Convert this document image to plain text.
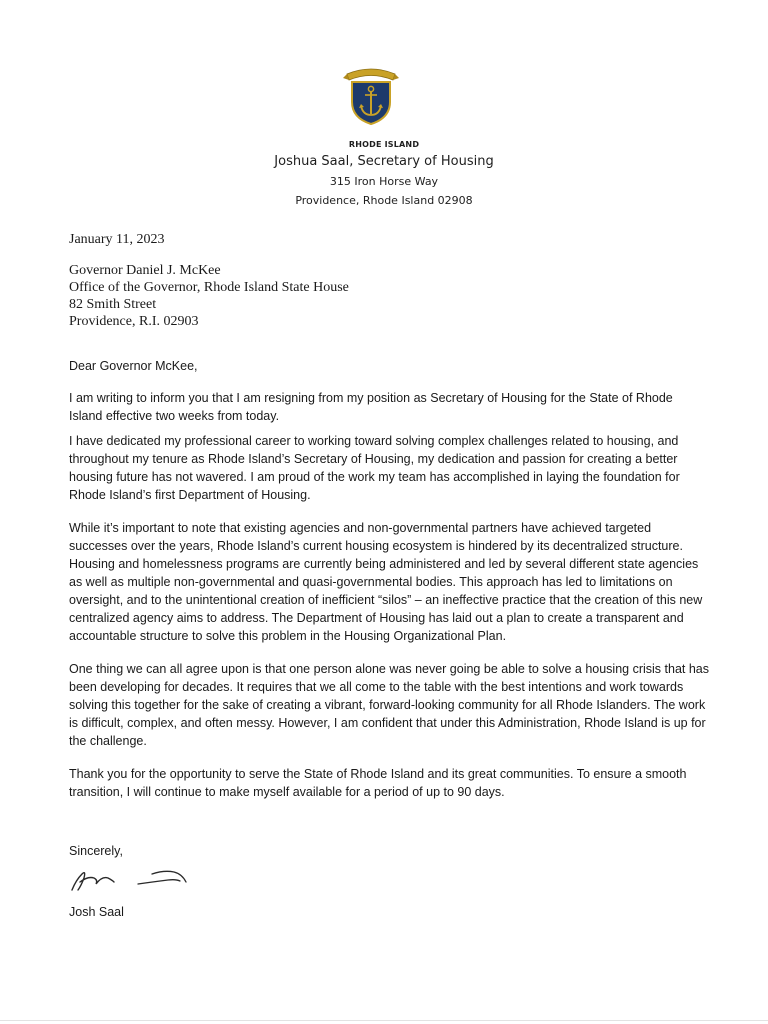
RHODE ISLAND
Joshua Saal, Secretary of Housing
315 Iron Horse Way
Providence, Rhode Island 02908
January 11, 2023
Governor Daniel J. McKee
Office of the Governor, Rhode Island State House
82 Smith Street
Providence, R.I. 02903
Dear Governor McKee,

I am writing to inform you that I am resigning from my position as Secretary of Housing for the State of Rhode Island effective two weeks from today.

I have dedicated my professional career to working toward solving complex challenges related to housing, and throughout my tenure as Rhode Island’s Secretary of Housing, my dedication and passion for creating a better housing future has not wavered. I am proud of the work my team has accomplished in laying the foundation for Rhode Island’s first Department of Housing.

While it’s important to note that existing agencies and non-governmental partners have achieved targeted successes over the years, Rhode Island’s current housing ecosystem is hindered by its decentralized structure. Housing and homelessness programs are currently being administered and led by several different state agencies as well as multiple non-governmental and quasi-governmental bodies. This approach has led to limitations on oversight, and to the unintentional creation of inefficient “silos” – an ineffective practice that the creation of this new centralized agency aims to address. The Department of Housing has laid out a plan to create a transparent and accountable structure to solve this problem in the Housing Organizational Plan.

One thing we can all agree upon is that one person alone was never going be able to solve a housing crisis that has been developing for decades. It requires that we all come to the table with the best intentions and work towards solving this together for the sake of creating a vibrant, forward-looking community for all Rhode Islanders. The work is difficult, complex, and often messy. However, I am confident that under this Administration, Rhode Island is up for the challenge.

Thank you for the opportunity to serve the State of Rhode Island and its great communities. To ensure a smooth transition, I will continue to make myself available for a period of up to 90 days.

Sincerely,
Josh Saal
